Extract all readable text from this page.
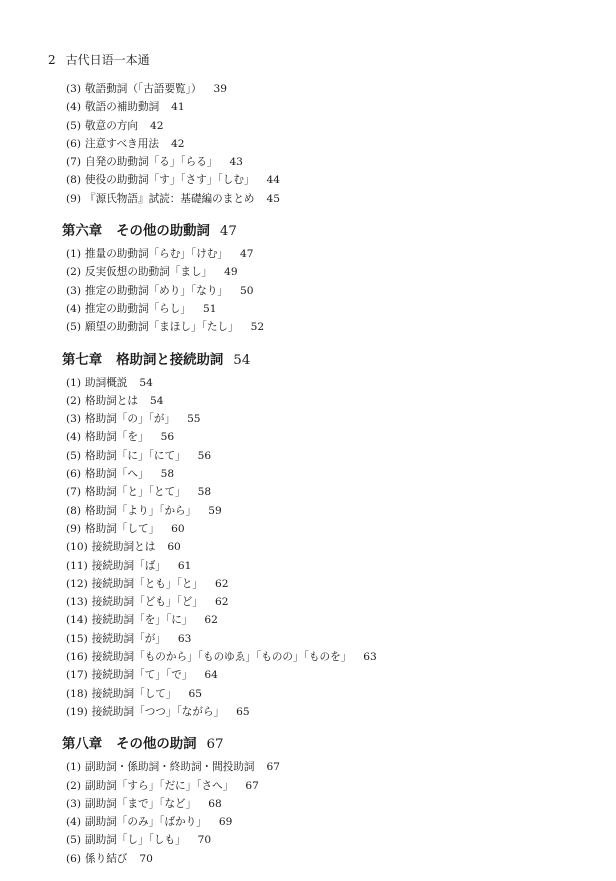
2 古代日语一本通
(3) 敬語動詞（「古語要覧」） 39
(4) 敬語の補助動詞 41
(5) 敬意の方向 42
(6) 注意すべき用法 42
(7) 自発の助動詞「る」「らる」 43
(8) 使役の助動詞「す」「さす」「しむ」 44
(9) 『源氏物語』試読：基礎編のまとめ 45
第六章 その他の助動詞 47
(1) 推量の助動詞「らむ」「けむ」 47
(2) 反実仮想の助動詞「まし」 49
(3) 推定の助動詞「めり」「なり」 50
(4) 推定の助動詞「らし」 51
(5) 願望の助動詞「まほし」「たし」 52
第七章 格助詞と接続助詞 54
(1) 助詞概説 54
(2) 格助詞とは 54
(3) 格助詞「の」「が」 55
(4) 格助詞「を」 56
(5) 格助詞「に」「にて」 56
(6) 格助詞「へ」 58
(7) 格助詞「と」「とて」 58
(8) 格助詞「より」「から」 59
(9) 格助詞「して」 60
(10) 接続助詞とは 60
(11) 接続助詞「ば」 61
(12) 接続助詞「とも」「と」 62
(13) 接続助詞「ども」「ど」 62
(14) 接続助詞「を」「に」 62
(15) 接続助詞「が」 63
(16) 接続助詞「ものから」「ものゆゑ」「ものの」「ものを」 63
(17) 接続助詞「て」「で」 64
(18) 接続助詞「して」 65
(19) 接続助詞「つつ」「ながら」 65
第八章 その他の助詞 67
(1) 副助詞・係助詞・終助詞・間投助詞 67
(2) 副助詞「すら」「だに」「さへ」 67
(3) 副助詞「まで」「など」 68
(4) 副助詞「のみ」「ばかり」 69
(5) 副助詞「し」「しも」 70
(6) 係り結び 70
